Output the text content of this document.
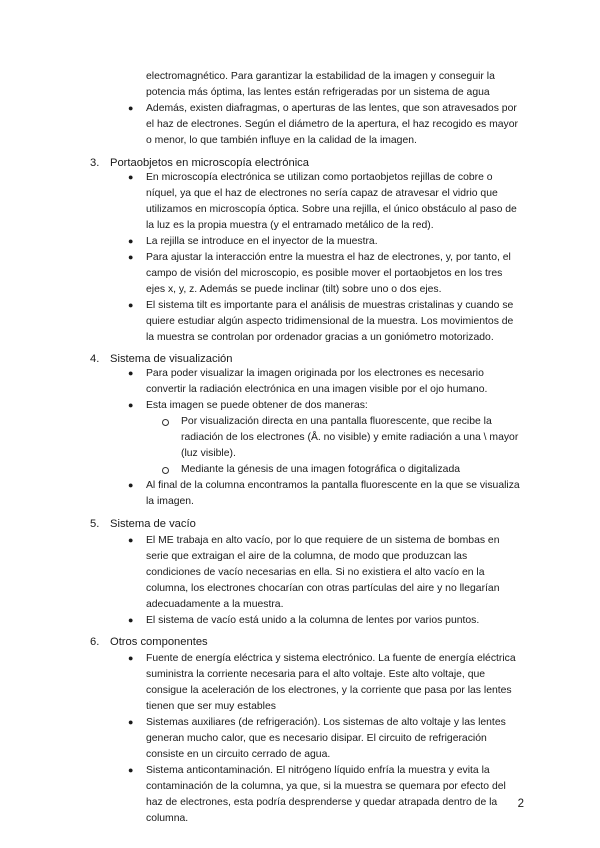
electromagnético. Para garantizar la estabilidad de la imagen y conseguir la
potencia más óptima, las lentes están refrigeradas por un sistema de agua
● Además, existen diafragmas, o aperturas de las lentes, que son atravesados por
el haz de electrones. Según el diámetro de la apertura, el haz recogido es mayor
o menor, lo que también influye en la calidad de la imagen.
3. Portaobjetos en microscopía electrónica
● En microscopía electrónica se utilizan como portaobjetos rejillas de cobre o
níquel, ya que el haz de electrones no sería capaz de atravesar el vidrio que
utilizamos en microscopía óptica. Sobre una rejilla, el único obstáculo al paso de
la luz es la propia muestra (y el entramado metálico de la red).
● La rejilla se introduce en el inyector de la muestra.
● Para ajustar la interacción entre la muestra el haz de electrones, y, por tanto, el
campo de visión del microscopio, es posible mover el portaobjetos en los tres
ejes x, y, z. Además se puede inclinar (tilt) sobre uno o dos ejes.
● El sistema tilt es importante para el análisis de muestras cristalinas y cuando se
quiere estudiar algún aspecto tridimensional de la muestra. Los movimientos de
la muestra se controlan por ordenador gracias a un goniómetro motorizado.
4. Sistema de visualización
● Para poder visualizar la imagen originada por los electrones es necesario
convertir la radiación electrónica en una imagen visible por el ojo humano.
● Esta imagen se puede obtener de dos maneras:
Por visualización directa en una pantalla fluorescente, que recibe la
radiación de los electrones (Å. no visible) y emite radiación a una \ mayor
(luz visible).
Mediante la génesis de una imagen fotográfica o digitalizada
● Al final de la columna encontramos la pantalla fluorescente en la que se visualiza
la imagen.
5. Sistema de vacío
● El ME trabaja en alto vacío, por lo que requiere de un sistema de bombas en
serie que extraigan el aire de la columna, de modo que produzcan las
condiciones de vacío necesarias en ella. Si no existiera el alto vacío en la
columna, los electrones chocarían con otras partículas del aire y no llegarían
adecuadamente a la muestra.
● El sistema de vacío está unido a la columna de lentes por varios puntos.
6. Otros componentes
● Fuente de energía eléctrica y sistema electrónico. La fuente de energía eléctrica
suministra la corriente necesaria para el alto voltaje. Este alto voltaje, que
consigue la aceleración de los electrones, y la corriente que pasa por las lentes
tienen que ser muy estables
● Sistemas auxiliares (de refrigeración). Los sistemas de alto voltaje y las lentes
generan mucho calor, que es necesario disipar. El circuito de refrigeración
consiste en un circuito cerrado de agua.
● Sistema anticontaminación. El nitrógeno líquido enfría la muestra y evita la
contaminación de la columna, ya que, si la muestra se quemara por efecto del
haz de electrones, esta podría desprenderse y quedar atrapada dentro de la
columna.
2
